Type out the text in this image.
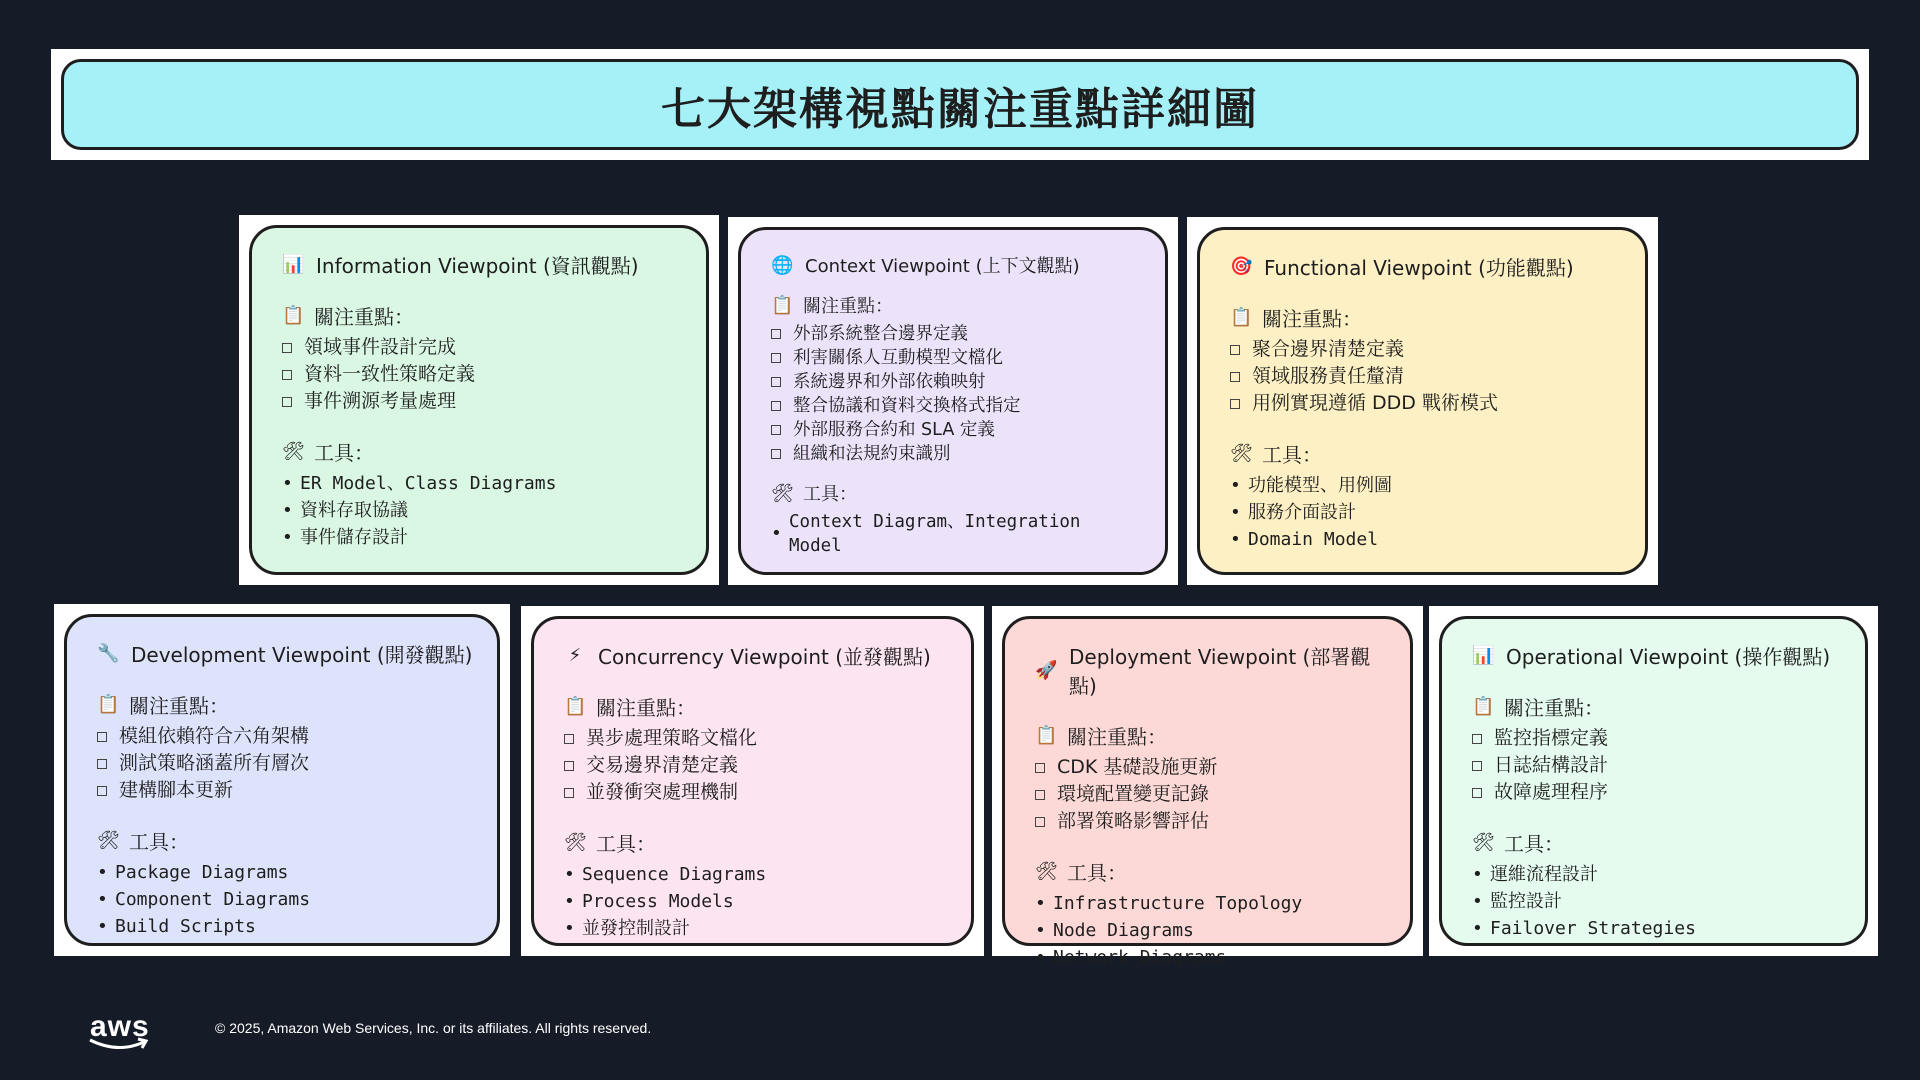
七大架構視點關注重點詳細圖
📊 Information Viewpoint (資訊觀點)
📋 關注重點：
領域事件設計完成
資料一致性策略定義
事件溯源考量處理
🛠 工具：
• ER Model、Class Diagrams
• 資料存取協議
• 事件儲存設計
🌐 Context Viewpoint (上下文觀點)
📋 關注重點：
外部系統整合邊界定義
利害關係人互動模型文檔化
系統邊界和外部依賴映射
整合協議和資料交換格式指定
外部服務合約和 SLA 定義
組織和法規約束識別
🛠 工具：
•
Context Diagram、Integration Model
🎯 Functional Viewpoint (功能觀點)
📋 關注重點：
聚合邊界清楚定義
領域服務責任釐清
用例實現遵循 DDD 戰術模式
🛠 工具：
• 功能模型、用例圖
• 服務介面設計
• Domain Model
🔧 Development Viewpoint (開發觀點)
📋 關注重點：
模組依賴符合六角架構
測試策略涵蓋所有層次
建構腳本更新
🛠 工具：
• Package Diagrams
• Component Diagrams
• Build Scripts
⚡ Concurrency Viewpoint (並發觀點)
📋 關注重點：
異步處理策略文檔化
交易邊界清楚定義
並發衝突處理機制
🛠 工具：
• Sequence Diagrams
• Process Models
• 並發控制設計
🚀
Deployment Viewpoint (部署觀點)
📋 關注重點：
CDK 基礎設施更新
環境配置變更記錄
部署策略影響評估
🛠 工具：
• Infrastructure Topology
• Node Diagrams
• Network Diagrams
📊 Operational Viewpoint (操作觀點)
📋 關注重點：
監控指標定義
日誌結構設計
故障處理程序
🛠 工具：
• 運維流程設計
• 監控設計
• Failover Strategies
aws	© 2025, Amazon Web Services, Inc. or its affiliates. All rights reserved.
